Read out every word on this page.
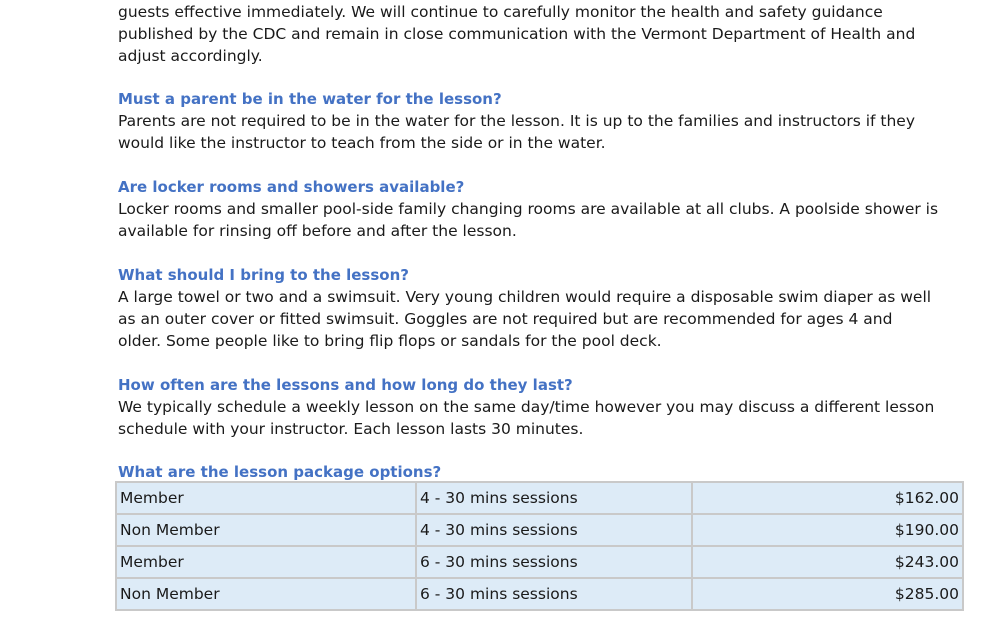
guests effective immediately. We will continue to carefully monitor the health and safety guidance

published by the CDC and remain in close communication with the Vermont Department of Health and

adjust accordingly.

Must a parent be in the water for the lesson?

Parents are not required to be in the water for the lesson. It is up to the families and instructors if they

would like the instructor to teach from the side or in the water.

Are locker rooms and showers available?

Locker rooms and smaller pool-side family changing rooms are available at all clubs. A poolside shower is

available for rinsing off before and after the lesson.

What should I bring to the lesson?

A large towel or two and a swimsuit. Very young children would require a disposable swim diaper as well

as an outer cover or fitted swimsuit. Goggles are not required but are recommended for ages 4 and

older. Some people like to bring flip flops or sandals for the pool deck.

How often are the lessons and how long do they last?

We typically schedule a weekly lesson on the same day/time however you may discuss a different lesson

schedule with your instructor. Each lesson lasts 30 minutes.

What are the lesson package options?

Member	4 - 30 mins sessions	$162.00
Non Member	4 - 30 mins sessions	$190.00
Member	6 - 30 mins sessions	$243.00
Non Member	6 - 30 mins sessions	$285.00
